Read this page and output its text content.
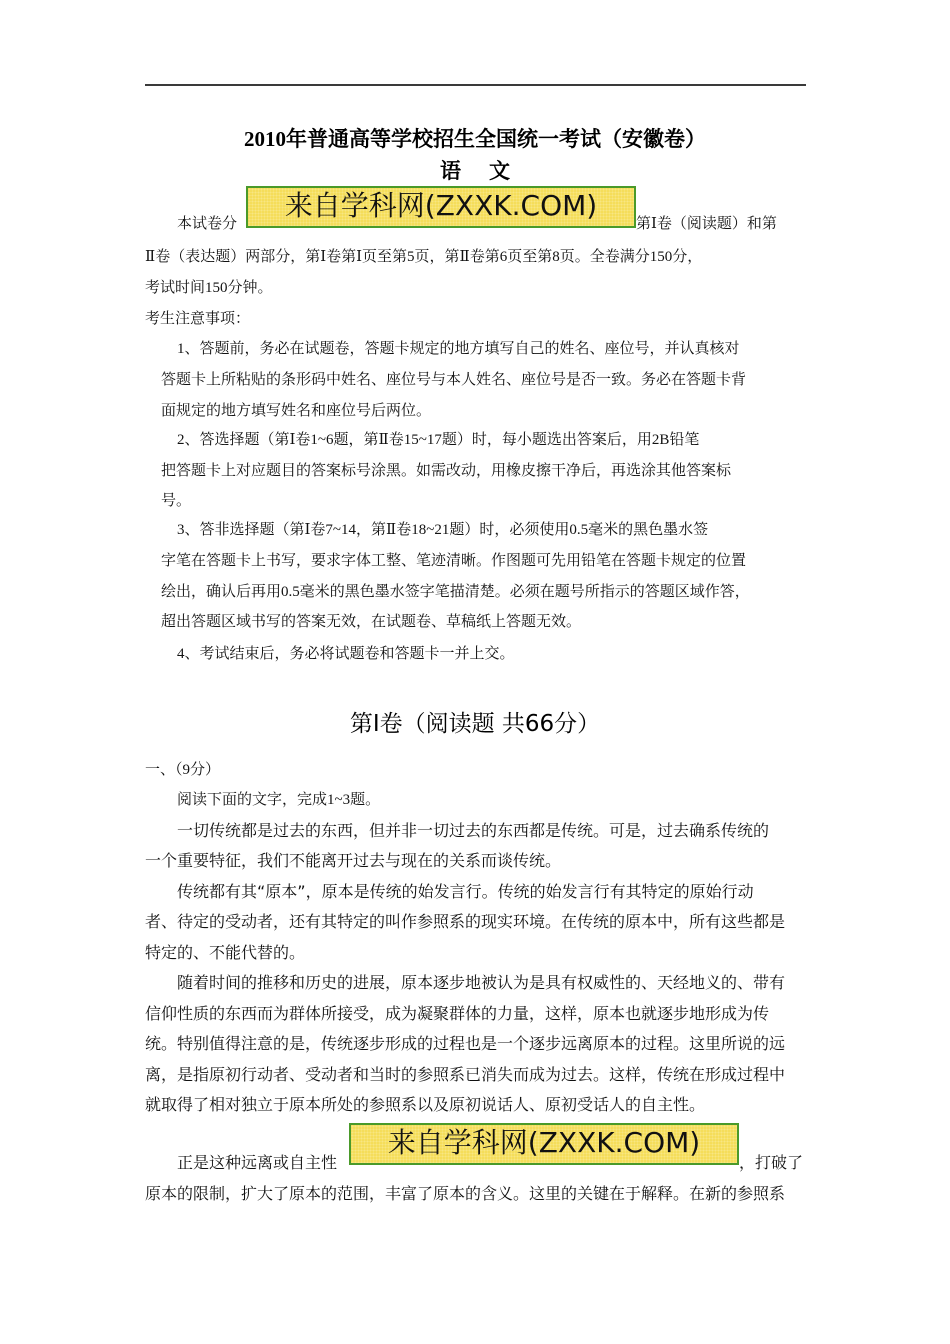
2010年普通高等学校招生全国统一考试（安徽卷）
语文
本试卷分
来自学科网(ZXXK.COM)
第Ⅰ卷（阅读题）和第
Ⅱ卷（表达题）两部分，第Ⅰ卷第Ⅰ页至第5页，第Ⅱ卷第6页至第8页。全卷满分150分，
考试时间150分钟。
考生注意事项：
1、答题前，务必在试题卷，答题卡规定的地方填写自己的姓名、座位号，并认真核对
答题卡上所粘贴的条形码中姓名、座位号与本人姓名、座位号是否一致。务必在答题卡背
面规定的地方填写姓名和座位号后两位。
2、答选择题（第Ⅰ卷1~6题，第Ⅱ卷15~17题）时，每小题选出答案后，用2B铅笔
把答题卡上对应题目的答案标号涂黑。如需改动，用橡皮擦干净后，再选涂其他答案标
号。
3、答非选择题（第Ⅰ卷7~14，第Ⅱ卷18~21题）时，必须使用0.5毫米的黑色墨水签
字笔在答题卡上书写，要求字体工整、笔迹清晰。作图题可先用铅笔在答题卡规定的位置
绘出，确认后再用0.5毫米的黑色墨水签字笔描清楚。必须在题号所指示的答题区域作答，
超出答题区域书写的答案无效，在试题卷、草稿纸上答题无效。
4、考试结束后，务必将试题卷和答题卡一并上交。
第Ⅰ卷（阅读题 共66分）
一、（9分）
阅读下面的文字，完成1~3题。
一切传统都是过去的东西，但并非一切过去的东西都是传统。可是，过去确系传统的
一个重要特征，我们不能离开过去与现在的关系而谈传统。
传统都有其“原本”，原本是传统的始发言行。传统的始发言行有其特定的原始行动
者、待定的受动者，还有其特定的叫作参照系的现实环境。在传统的原本中，所有这些都是
特定的、不能代替的。
随着时间的推移和历史的进展，原本逐步地被认为是具有权威性的、天经地义的、带有
信仰性质的东西而为群体所接受，成为凝聚群体的力量，这样，原本也就逐步地形成为传
统。特别值得注意的是，传统逐步形成的过程也是一个逐步远离原本的过程。这里所说的远
离，是指原初行动者、受动者和当时的参照系已消失而成为过去。这样，传统在形成过程中
就取得了相对独立于原本所处的参照系以及原初说话人、原初受话人的自主性。
正是这种远离或自主性
来自学科网(ZXXK.COM)
，打破了
原本的限制，扩大了原本的范围，丰富了原本的含义。这里的关键在于解释。在新的参照系
